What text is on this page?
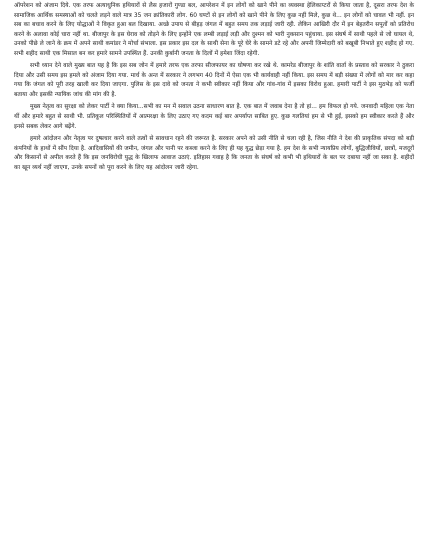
ऑपरेशन को अंजाम दिये. एक तरफ अत्याधुनिक हथियारों से लैस हजारों गुण्डा बल, आपरेशन में इन लोगों को खाने पीने का व्यवस्था हेलिकाप्टरों से किया जाता है, दूसरा तरफ देश के सामाजिक आर्थिक समस्याओं को चलते लड़ने वाले मात्र 35 जन क्रांतिकारी लोग. 60 घण्टों से इन लोगों को खाने पीने के लिए कुछ नहीं मिले, कुछ थे... इन लोगों को चावल भी नहीं. इन सब का बचाव करने के लिए योद्धाओं ने विकृत हुआ बल दिखाया. अच्छे उपाय से बीहड़ जंगल में बहुत समय तक लड़ाई जारी रही. लेकिन आखिरी दौर में इन बेहतरीन सपूतों को प्रतिरोध करने के अलावा कोई चारा नहीं था. बीजापुर के इस घेराव को तोड़ने के लिए इन्होंने एक लम्बी लड़ाई लड़ी और दुश्मन को भारी नुकसान पहुंचाया. इस संघर्ष में साथी पहले से जो घायल थे, उनको पीछे ले जाने के क्रम में अपने साथी कमांडर ने मोर्चा संभाला. इस प्रकार इस दल के साथी सेना के पूरे घेरे के सामने डटे रहे और अपनी जिम्मेदारी को बखूबी निभाते हुए शहीद हो गए. सभी शहीद साथी एक मिसाल बन कर हमारे सामने उपस्थित हैं. उनकी कुर्बानी जनता के दिलों में हमेशा जिंदा रहेगी.

सभी ध्यान देने वाले मुख्य बात यह है कि इस सब जोन में हमारे तरफ एक तरफा सीजफायर का घोषणा कर रखे थे. कामरेड बीजापुर के शांति वार्ता के प्रस्ताव को सरकार ने ठुकरा दिया और उसी समय इस हमले को अंजाम दिया गया. मार्च के अन्त में सरकार ने लगभग 40 दिनों में ऐसा एक भी कार्यवाही नहीं किया. इस समय में बड़ी संख्या में लोगों को मार कर कहा गया कि जंगल को पूरी तरह खाली कर दिया जाएगा. पुलिस के इस दावे को जनता ने कभी स्वीकार नहीं किया और गांव-गांव में इसका विरोध हुआ. हमारी पार्टी ने इस मुठभेड़ को फर्जी बताया और इसकी न्यायिक जांच की मांग की है.

मुख्य नेतृत्व का सुरक्षा को लेकर पार्टी ने क्या किया...सभी का मन में सवाल उठना साधारण बात है. एक बात में जवाब देना है तो हां... हम विफल हो गये. जनवादी महिला एक नेता थीं और हमारे बहुत से साथी भी. प्रतिकूल परिस्थितियों में आत्मरक्षा के लिए उठाए गए कदम कई बार अपर्याप्त साबित हुए. कुछ गलतियां हम से भी हुईं, इसको हम स्वीकार करते हैं और इनसे सबक लेकर आगे बढ़ेंगे.

हमारे आंदोलन और नेतृत्व पर दुष्प्रचार करने वाले तत्वों से सावधान रहने की जरूरत है. सरकार अपने को उसी नीति से चला रही है, जिस नीति ने देश की प्राकृतिक संपदा को बड़ी कंपनियों के हाथों में सौंप दिया है. आदिवासियों की जमीन, जंगल और पानी पर कब्जा करने के लिए ही यह युद्ध छेड़ा गया है. हम देश के सभी न्यायप्रिय लोगों, बुद्धिजीवियों, छात्रों, मजदूरों और किसानों से अपील करते हैं कि इस जनविरोधी युद्ध के खिलाफ आवाज उठाएं. इतिहास गवाह है कि जनता के संघर्ष को कभी भी हथियारों के बल पर दबाया नहीं जा सका है. शहीदों का खून व्यर्थ नहीं जाएगा, उनके सपनों को पूरा करने के लिए यह आंदोलन जारी रहेगा.
